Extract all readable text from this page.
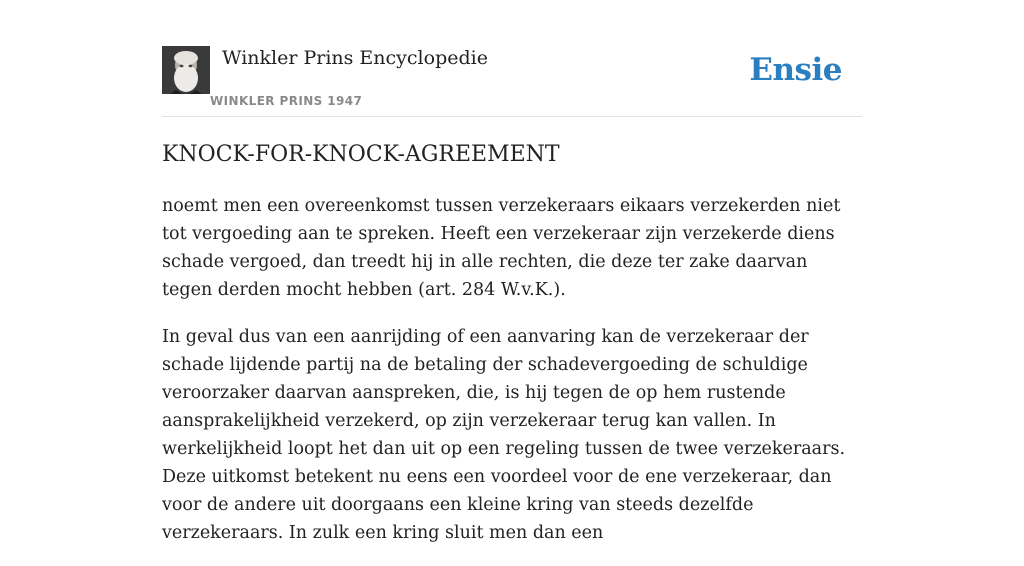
Winkler Prins Encyclopedie
WINKLER PRINS 1947
Ensie
KNOCK-FOR-KNOCK-AGREEMENT

noemt men een overeenkomst tussen verzekeraars eikaars verzekerden niet tot vergoeding aan te spreken. Heeft een verzekeraar zijn verzekerde diens schade vergoed, dan treedt hij in alle rechten, die deze ter zake daarvan tegen derden mocht hebben (art. 284 W.v.K.).

In geval dus van een aanrijding of een aanvaring kan de verzekeraar der schade lijdende partij na de betaling der schadevergoeding de schuldige veroorzaker daarvan aanspreken, die, is hij tegen de op hem rustende aansprakelijkheid verzekerd, op zijn verzekeraar terug kan vallen. In werkelijkheid loopt het dan uit op een regeling tussen de twee verzekeraars. Deze uitkomst betekent nu eens een voordeel voor de ene verzekeraar, dan voor de andere uit doorgaans een kleine kring van steeds dezelfde verzekeraars. In zulk een kring sluit men dan een
